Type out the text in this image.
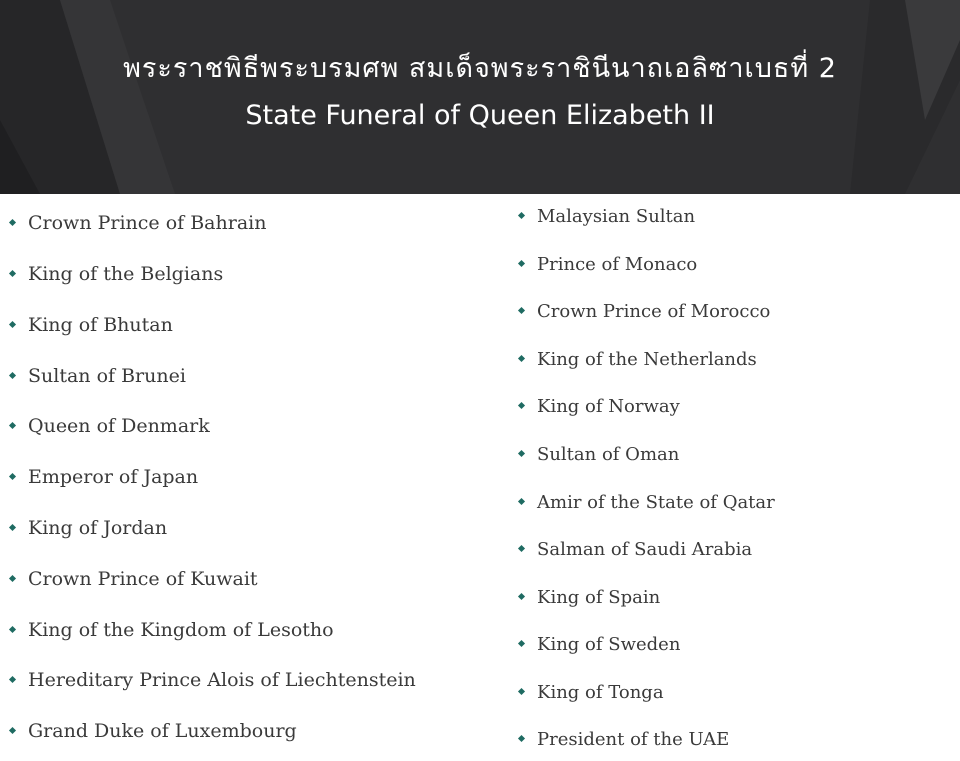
พระราชพิธีพระบรมศพ สมเด็จพระราชินีนาถเอลิซาเบธที่ 2
State Funeral of Queen Elizabeth II
Crown Prince of Bahrain
King of the Belgians
King of Bhutan
Sultan of Brunei
Queen of Denmark
Emperor of Japan
King of Jordan
Crown Prince of Kuwait
King of the Kingdom of Lesotho
Hereditary Prince Alois of Liechtenstein
Grand Duke of Luxembourg
Malaysian Sultan
Prince of Monaco
Crown Prince of Morocco
King of the Netherlands
King of Norway
Sultan of Oman
Amir of the State of Qatar
Salman of Saudi Arabia
King of Spain
King of Sweden
King of Tonga
President of the UAE
